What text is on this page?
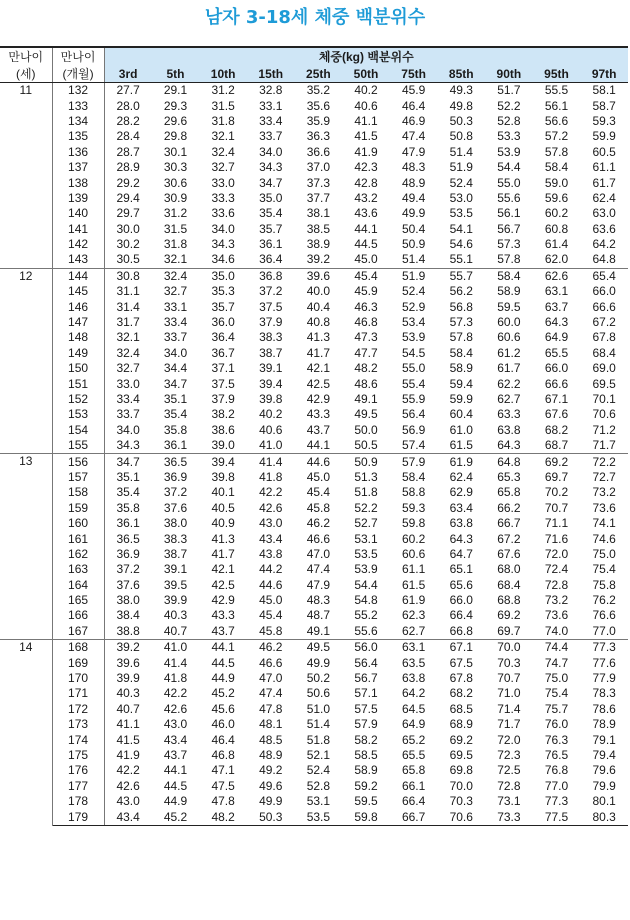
남자 3-18세 체중 백분위수
만나이	만나이	체중(kg) 백분위수										
(세)	(개월)	3rd	5th	10th	15th	25th	50th	75th	85th	90th	95th	97th
11	132	27.7	29.1	31.2	32.8	35.2	40.2	45.9	49.3	51.7	55.5	58.1
	133	28.0	29.3	31.5	33.1	35.6	40.6	46.4	49.8	52.2	56.1	58.7
	134	28.2	29.6	31.8	33.4	35.9	41.1	46.9	50.3	52.8	56.6	59.3
	135	28.4	29.8	32.1	33.7	36.3	41.5	47.4	50.8	53.3	57.2	59.9
	136	28.7	30.1	32.4	34.0	36.6	41.9	47.9	51.4	53.9	57.8	60.5
	137	28.9	30.3	32.7	34.3	37.0	42.3	48.3	51.9	54.4	58.4	61.1
	138	29.2	30.6	33.0	34.7	37.3	42.8	48.9	52.4	55.0	59.0	61.7
	139	29.4	30.9	33.3	35.0	37.7	43.2	49.4	53.0	55.6	59.6	62.4
	140	29.7	31.2	33.6	35.4	38.1	43.6	49.9	53.5	56.1	60.2	63.0
	141	30.0	31.5	34.0	35.7	38.5	44.1	50.4	54.1	56.7	60.8	63.6
	142	30.2	31.8	34.3	36.1	38.9	44.5	50.9	54.6	57.3	61.4	64.2
	143	30.5	32.1	34.6	36.4	39.2	45.0	51.4	55.1	57.8	62.0	64.8
12	144	30.8	32.4	35.0	36.8	39.6	45.4	51.9	55.7	58.4	62.6	65.4
	145	31.1	32.7	35.3	37.2	40.0	45.9	52.4	56.2	58.9	63.1	66.0
	146	31.4	33.1	35.7	37.5	40.4	46.3	52.9	56.8	59.5	63.7	66.6
	147	31.7	33.4	36.0	37.9	40.8	46.8	53.4	57.3	60.0	64.3	67.2
	148	32.1	33.7	36.4	38.3	41.3	47.3	53.9	57.8	60.6	64.9	67.8
	149	32.4	34.0	36.7	38.7	41.7	47.7	54.5	58.4	61.2	65.5	68.4
	150	32.7	34.4	37.1	39.1	42.1	48.2	55.0	58.9	61.7	66.0	69.0
	151	33.0	34.7	37.5	39.4	42.5	48.6	55.4	59.4	62.2	66.6	69.5
	152	33.4	35.1	37.9	39.8	42.9	49.1	55.9	59.9	62.7	67.1	70.1
	153	33.7	35.4	38.2	40.2	43.3	49.5	56.4	60.4	63.3	67.6	70.6
	154	34.0	35.8	38.6	40.6	43.7	50.0	56.9	61.0	63.8	68.2	71.2
	155	34.3	36.1	39.0	41.0	44.1	50.5	57.4	61.5	64.3	68.7	71.7
13	156	34.7	36.5	39.4	41.4	44.6	50.9	57.9	61.9	64.8	69.2	72.2
	157	35.1	36.9	39.8	41.8	45.0	51.3	58.4	62.4	65.3	69.7	72.7
	158	35.4	37.2	40.1	42.2	45.4	51.8	58.8	62.9	65.8	70.2	73.2
	159	35.8	37.6	40.5	42.6	45.8	52.2	59.3	63.4	66.2	70.7	73.6
	160	36.1	38.0	40.9	43.0	46.2	52.7	59.8	63.8	66.7	71.1	74.1
	161	36.5	38.3	41.3	43.4	46.6	53.1	60.2	64.3	67.2	71.6	74.6
	162	36.9	38.7	41.7	43.8	47.0	53.5	60.6	64.7	67.6	72.0	75.0
	163	37.2	39.1	42.1	44.2	47.4	53.9	61.1	65.1	68.0	72.4	75.4
	164	37.6	39.5	42.5	44.6	47.9	54.4	61.5	65.6	68.4	72.8	75.8
	165	38.0	39.9	42.9	45.0	48.3	54.8	61.9	66.0	68.8	73.2	76.2
	166	38.4	40.3	43.3	45.4	48.7	55.2	62.3	66.4	69.2	73.6	76.6
	167	38.8	40.7	43.7	45.8	49.1	55.6	62.7	66.8	69.7	74.0	77.0
14	168	39.2	41.0	44.1	46.2	49.5	56.0	63.1	67.1	70.0	74.4	77.3
	169	39.6	41.4	44.5	46.6	49.9	56.4	63.5	67.5	70.3	74.7	77.6
	170	39.9	41.8	44.9	47.0	50.2	56.7	63.8	67.8	70.7	75.0	77.9
	171	40.3	42.2	45.2	47.4	50.6	57.1	64.2	68.2	71.0	75.4	78.3
	172	40.7	42.6	45.6	47.8	51.0	57.5	64.5	68.5	71.4	75.7	78.6
	173	41.1	43.0	46.0	48.1	51.4	57.9	64.9	68.9	71.7	76.0	78.9
	174	41.5	43.4	46.4	48.5	51.8	58.2	65.2	69.2	72.0	76.3	79.1
	175	41.9	43.7	46.8	48.9	52.1	58.5	65.5	69.5	72.3	76.5	79.4
	176	42.2	44.1	47.1	49.2	52.4	58.9	65.8	69.8	72.5	76.8	79.6
	177	42.6	44.5	47.5	49.6	52.8	59.2	66.1	70.0	72.8	77.0	79.9
	178	43.0	44.9	47.8	49.9	53.1	59.5	66.4	70.3	73.1	77.3	80.1
	179	43.4	45.2	48.2	50.3	53.5	59.8	66.7	70.6	73.3	77.5	80.3
